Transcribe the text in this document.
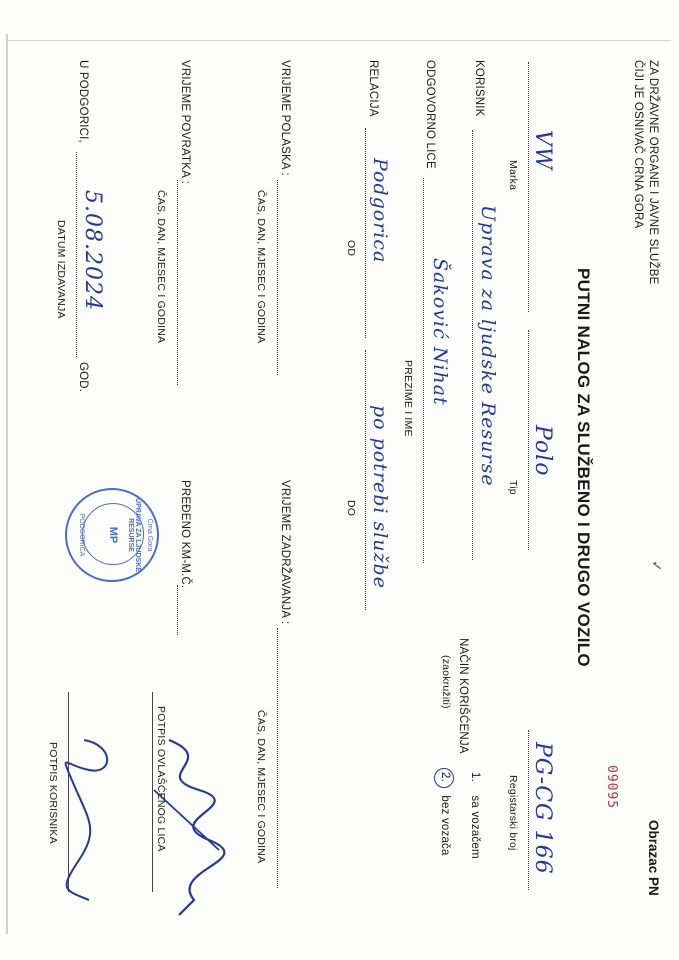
ZA DRŽAVNE ORGANE I JAVNE SLUŽBE
ČIJI JE OSNIVAČ CRNA GORA
PUTNI NALOG ZA SLUŽBENO I DRUGO VOZILO
Obrazac PN
09095
✓
VW
Marka
Polo
Tip
PG-CG 166
Registarski broj
KORISNIK
Uprava za ljudske Resurse
ODGOVORNO LICE
Šaković Nihat
PREZIME I IME
NAČIN KORIŠĆENJA
(zaokružiti)
1. sa vozačem
2. bez vozača
RELACIJA
Podgorica
OD
po potrebi službe
DO
VRIJEME POLASKA :
ČAS, DAN, MJESEC I GODINA
VRIJEME ZADRŽAVANJA :
ČAS, DAN, MJESEC I GODINA
VRIJEME POVRATKA :
ČAS, DAN, MJESEC I GODINA
PREĐENO KM-M.Č.
POTPIS OVLAŠĆENOG LICA
Crna Gora
UPRAVA ZA LJUDSKE RESURSE
MP
PODGORICA
U PODGORICI,
5.08.2024
GOD.
DATUM IZDAVANJA
POTPIS KORISNIKA
